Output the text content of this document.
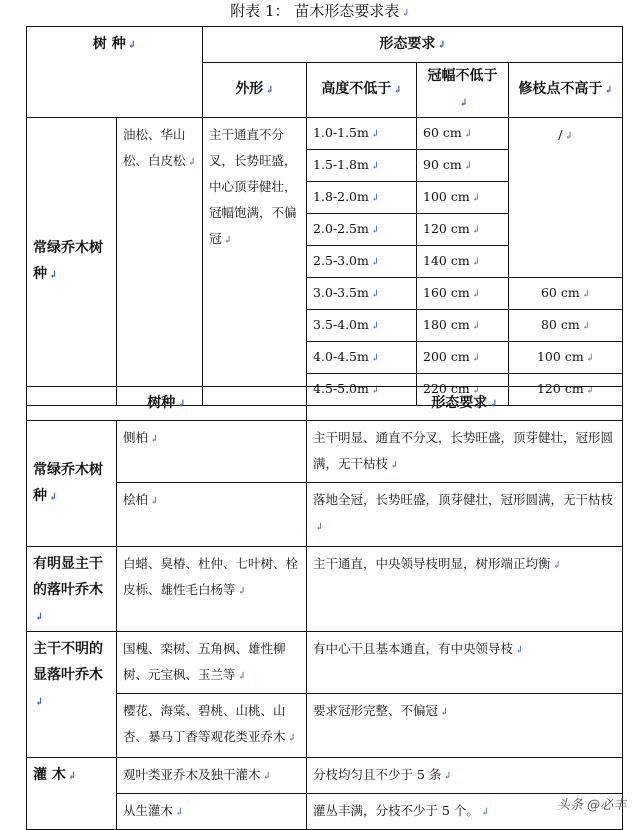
附表 1： 苗木形态要求表 ↲
树 种 ↲		形态要求 ↲			
		外形 ↲	高度不低于 ↲	冠幅不低于↲	修枝点不高于 ↲
常绿乔木树种 ↲	油松、华山松、白皮松 ↲	主干通直不分叉，长势旺盛，中心顶芽健壮，冠幅饱满，不偏冠 ↲	1.0-1.5m ↲	60 cm ↲	/ ↲
			1.5-1.8m ↲	90 cm ↲	
			1.8-2.0m ↲	100 cm ↲	
			2.0-2.5m ↲	120 cm ↲	
			2.5-3.0m ↲	140 cm ↲	
			3.0-3.5m ↲	160 cm ↲	60 cm ↲
			3.5-4.0m ↲	180 cm ↲	80 cm ↲
			4.0-4.5m ↲	200 cm ↲	100 cm ↲
			4.5-5.0m ↲	220 cm ↲	120 cm ↲
树种 ↲		形态要求 ↲
常绿乔木树种 ↲	侧柏 ↲	主干明显、通直不分叉，长势旺盛，顶芽健壮，冠形圆满，无干枯枝 ↲
	桧柏 ↲	落地全冠，长势旺盛，顶芽健壮，冠形圆满，无干枯枝↲
有明显主干的落叶乔木↲	白蜡、臭椿、杜仲、七叶树、栓皮栎、雄性毛白杨等 ↲	主干通直，中央领导枝明显，树形端正均衡 ↲
主干不明的显落叶乔木↲	国槐、栾树、五角枫、雄性柳树、元宝枫、玉兰等 ↲	有中心干且基本通直，有中央领导枝 ↲
	樱花、海棠、碧桃、山桃、山杏、暴马丁香等观花类亚乔木 ↲	要求冠形完整、不偏冠 ↲
灌 木 ↲	观叶类亚乔木及独干灌木 ↲	分枝均匀且不少于 5 条 ↲
	从生灌木 ↲	灌丛丰满，分枝不少于 5 个。 ↲	头条 @必丰
